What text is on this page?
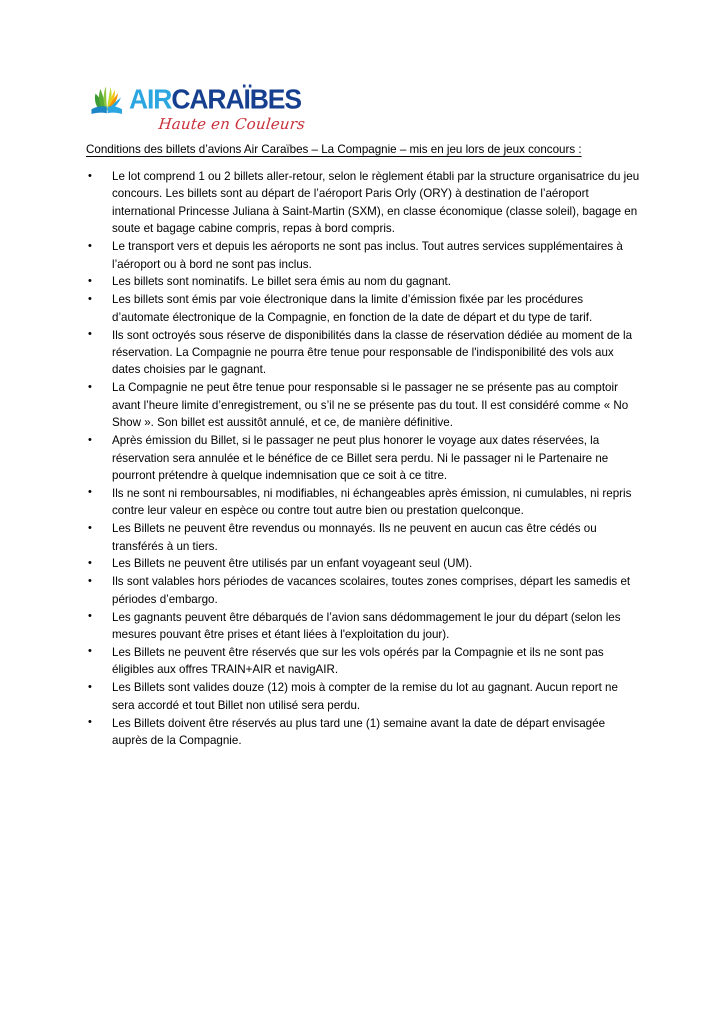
AIRCARAÏBES
Haute en Couleurs
Conditions des billets d’avions Air Caraïbes – La Compagnie – mis en jeu lors de jeux concours :
• Le lot comprend 1 ou 2 billets aller-retour, selon le règlement établi par la structure organisatrice du jeu concours. Les billets sont au départ de l’aéroport Paris Orly (ORY) à destination de l’aéroport international Princesse Juliana à Saint-Martin (SXM), en classe économique (classe soleil), bagage en soute et bagage cabine compris, repas à bord compris.
• Le transport vers et depuis les aéroports ne sont pas inclus. Tout autres services supplémentaires à l’aéroport ou à bord ne sont pas inclus.
• Les billets sont nominatifs. Le billet sera émis au nom du gagnant.
• Les billets sont émis par voie électronique dans la limite d’émission fixée par les procédures d’automate électronique de la Compagnie, en fonction de la date de départ et du type de tarif.
• Ils sont octroyés sous réserve de disponibilités dans la classe de réservation dédiée au moment de la réservation. La Compagnie ne pourra être tenue pour responsable de l'indisponibilité des vols aux dates choisies par le gagnant.
• La Compagnie ne peut être tenue pour responsable si le passager ne se présente pas au comptoir avant l’heure limite d’enregistrement, ou s’il ne se présente pas du tout. Il est considéré comme « No Show ». Son billet est aussitôt annulé, et ce, de manière définitive.
• Après émission du Billet, si le passager ne peut plus honorer le voyage aux dates réservées, la réservation sera annulée et le bénéfice de ce Billet sera perdu. Ni le passager ni le Partenaire ne pourront prétendre à quelque indemnisation que ce soit à ce titre.
• Ils ne sont ni remboursables, ni modifiables, ni échangeables après émission, ni cumulables, ni repris contre leur valeur en espèce ou contre tout autre bien ou prestation quelconque.
• Les Billets ne peuvent être revendus ou monnayés. Ils ne peuvent en aucun cas être cédés ou transférés à un tiers.
• Les Billets ne peuvent être utilisés par un enfant voyageant seul (UM).
• Ils sont valables hors périodes de vacances scolaires, toutes zones comprises, départ les samedis et périodes d’embargo.
• Les gagnants peuvent être débarqués de l’avion sans dédommagement le jour du départ (selon les mesures pouvant être prises et étant liées à l'exploitation du jour).
• Les Billets ne peuvent être réservés que sur les vols opérés par la Compagnie et ils ne sont pas éligibles aux offres TRAIN+AIR et navigAIR.
• Les Billets sont valides douze (12) mois à compter de la remise du lot au gagnant. Aucun report ne sera accordé et tout Billet non utilisé sera perdu.
• Les Billets doivent être réservés au plus tard une (1) semaine avant la date de départ envisagée auprès de la Compagnie.
